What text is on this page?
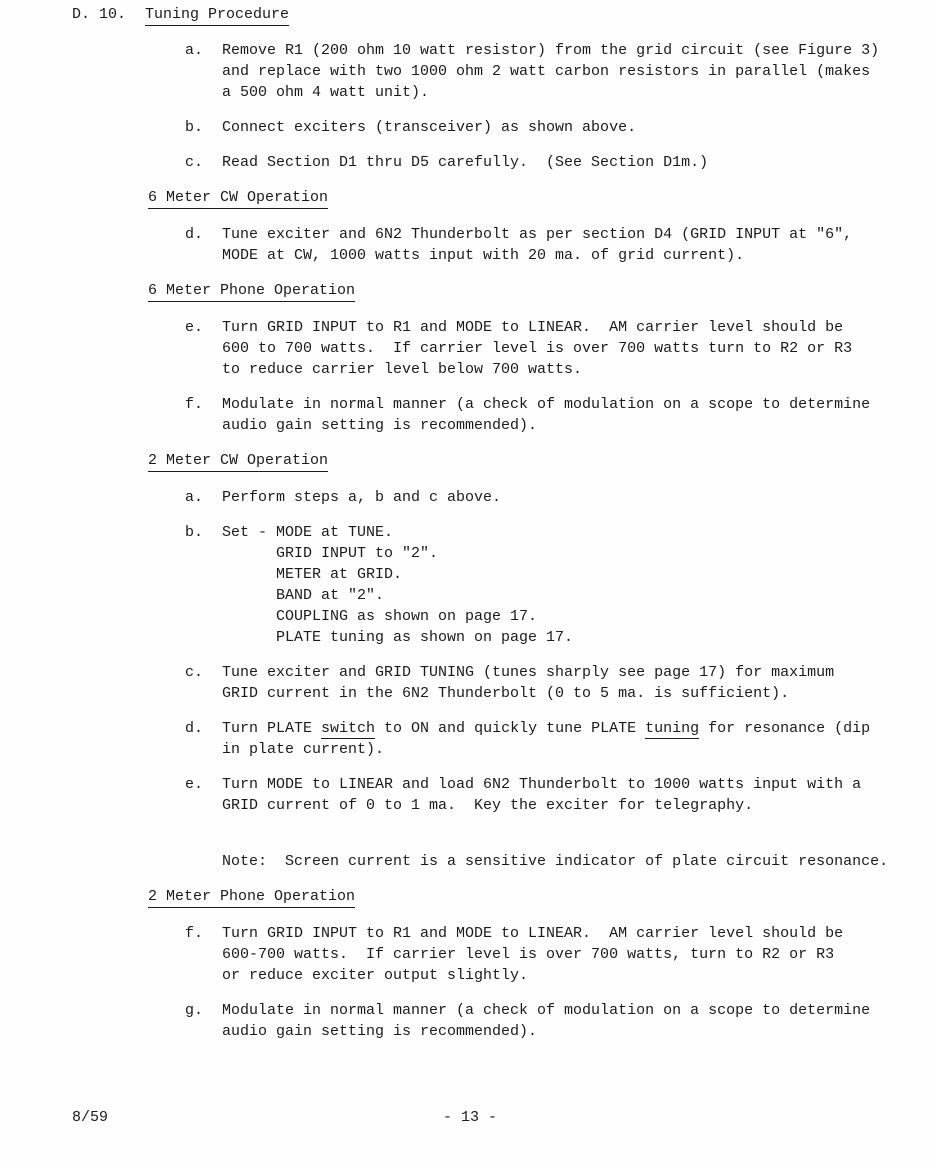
D. 10. Tuning Procedure
a.	Remove R1 (200 ohm 10 watt resistor) from the grid circuit (see Figure 3)
and replace with two 1000 ohm 2 watt carbon resistors in parallel (makes
a 500 ohm 4 watt unit).
b.	Connect exciters (transceiver) as shown above.
c.	Read Section D1 thru D5 carefully.  (See Section D1m.)
6 Meter CW Operation
d.	Tune exciter and 6N2 Thunderbolt as per section D4 (GRID INPUT at "6",
MODE at CW, 1000 watts input with 20 ma. of grid current).
6 Meter Phone Operation
e.	Turn GRID INPUT to R1 and MODE to LINEAR.  AM carrier level should be
600 to 700 watts.  If carrier level is over 700 watts turn to R2 or R3
to reduce carrier level below 700 watts.
f.	Modulate in normal manner (a check of modulation on a scope to determine
audio gain setting is recommended).
2 Meter CW Operation
a.	Perform steps a, b and c above.
b.	Set - MODE at TUNE.
GRID INPUT to "2".
METER at GRID.
BAND at "2".
COUPLING as shown on page 17.
PLATE tuning as shown on page 17.
c.	Tune exciter and GRID TUNING (tunes sharply see page 17) for maximum
GRID current in the 6N2 Thunderbolt (0 to 5 ma. is sufficient).
d.	Turn PLATE switch to ON and quickly tune PLATE tuning for resonance (dip
in plate current).
e.	Turn MODE to LINEAR and load 6N2 Thunderbolt to 1000 watts input with a
GRID current of 0 to 1 ma.  Key the exciter for telegraphy.

Note:  Screen current is a sensitive indicator of plate circuit resonance.
2 Meter Phone Operation
f.	Turn GRID INPUT to R1 and MODE to LINEAR.  AM carrier level should be
600-700 watts.  If carrier level is over 700 watts, turn to R2 or R3
or reduce exciter output slightly.
g.	Modulate in normal manner (a check of modulation on a scope to determine
audio gain setting is recommended).
8/59	- 13 -
